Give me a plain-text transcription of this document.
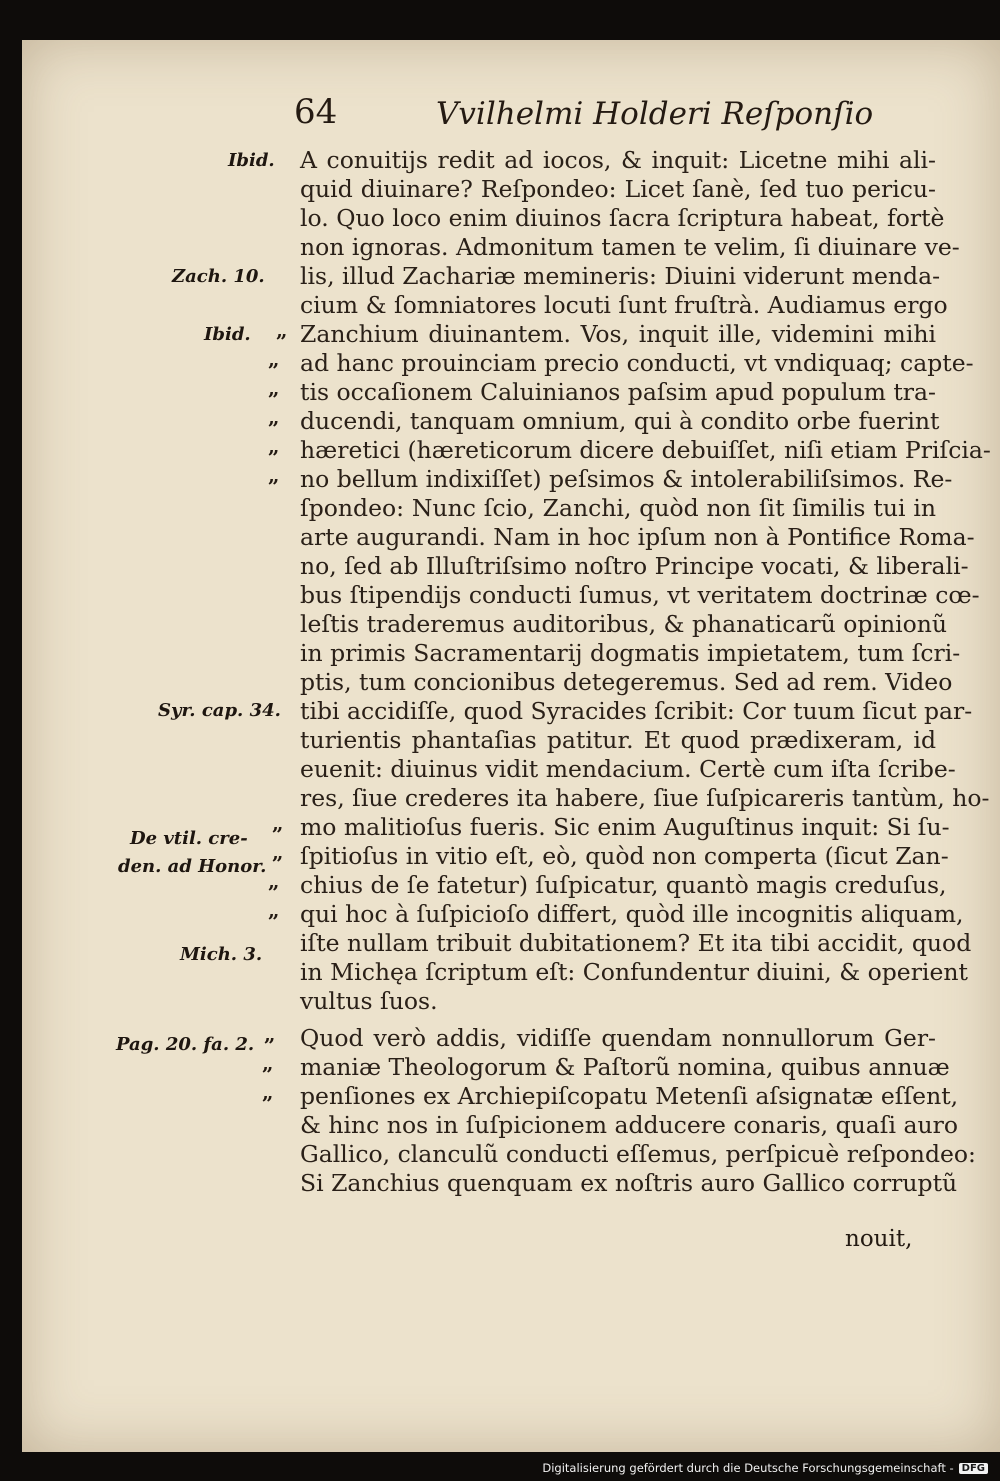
64	Vvilhelmi Holderi Reſponſio
A conuitijs redit ad iocos, & inquit: Licetne mihi ali-
quid diuinare? Reſpondeo: Licet ſanè, ſed tuo pericu-
lo. Quo loco enim diuinos ſacra ſcriptura habeat, fortè
non ignoras. Admonitum tamen te velim, ſi diuinare ve-
lis, illud Zachariæ memineris: Diuini viderunt menda-
cium & ſomniatores locuti ſunt fruſtrà. Audiamus ergo
Zanchium diuinantem. Vos, inquit ille, videmini mihi
ad hanc prouinciam precio conducti, vt vndiquaq; capte-
tis occaſionem Caluinianos paſsim apud populum tra-
ducendi, tanquam omnium, qui à condito orbe fuerint
hæretici (hæreticorum dicere debuiſſet, niſi etiam Priſcia-
no bellum indixiſſet) peſsimos & intolerabiliſsimos. Re-
ſpondeo: Nunc ſcio, Zanchi, quòd non ſit ſimilis tui in
arte augurandi. Nam in hoc ipſum non à Pontifice Roma-
no, ſed ab Illuſtriſsimo noſtro Principe vocati, & liberali-
bus ſtipendijs conducti ſumus, vt veritatem doctrinæ cœ-
leſtis traderemus auditoribus, & phanaticarũ opinionũ
in primis Sacramentarij dogmatis impietatem, tum ſcri-
ptis, tum concionibus detegeremus. Sed ad rem. Video
tibi accidiſſe, quod Syracides ſcribit: Cor tuum ſicut par-
turientis phantaſias patitur. Et quod prædixeram, id
euenit: diuinus vidit mendacium. Certè cum iſta ſcribe-
res, ſiue crederes ita habere, ſiue ſuſpicareris tantùm, ho-
mo malitioſus fueris. Sic enim Auguſtinus inquit: Si ſu-
ſpitioſus in vitio eſt, eò, quòd non comperta (ſicut Zan-
chius de ſe fatetur) ſuſpicatur, quantò magis creduſus,
qui hoc à ſuſpicioſo differt, quòd ille incognitis aliquam,
iſte nullam tribuit dubitationem? Et ita tibi accidit, quod
in Michęa ſcriptum eſt: Confundentur diuini, & operient
vultus ſuos.
Quod verò addis, vidiſſe quendam nonnullorum Ger-
maniæ Theologorum & Paſtorũ nomina, quibus annuæ
penſiones ex Archiepiſcopatu Metenſi aſsignatæ eſſent,
& hinc nos in ſuſpicionem adducere conaris, quaſi auro
Gallico, clanculũ conducti eſſemus, perſpicuè reſpondeo:
Si Zanchius quenquam ex noſtris auro Gallico corruptũ
nouit,
Ibid.
Zach. 10.
Ibid.
Syr. cap. 34.
De vtil. cre-
den. ad Honor.
Mich. 3.
Pag. 20. fa. 2.
„
„
„
„
„
„
„
„
„
„
„
„
„
Digitalisierung gefördert durch die Deutsche Forschungsgemeinschaft - DFG
